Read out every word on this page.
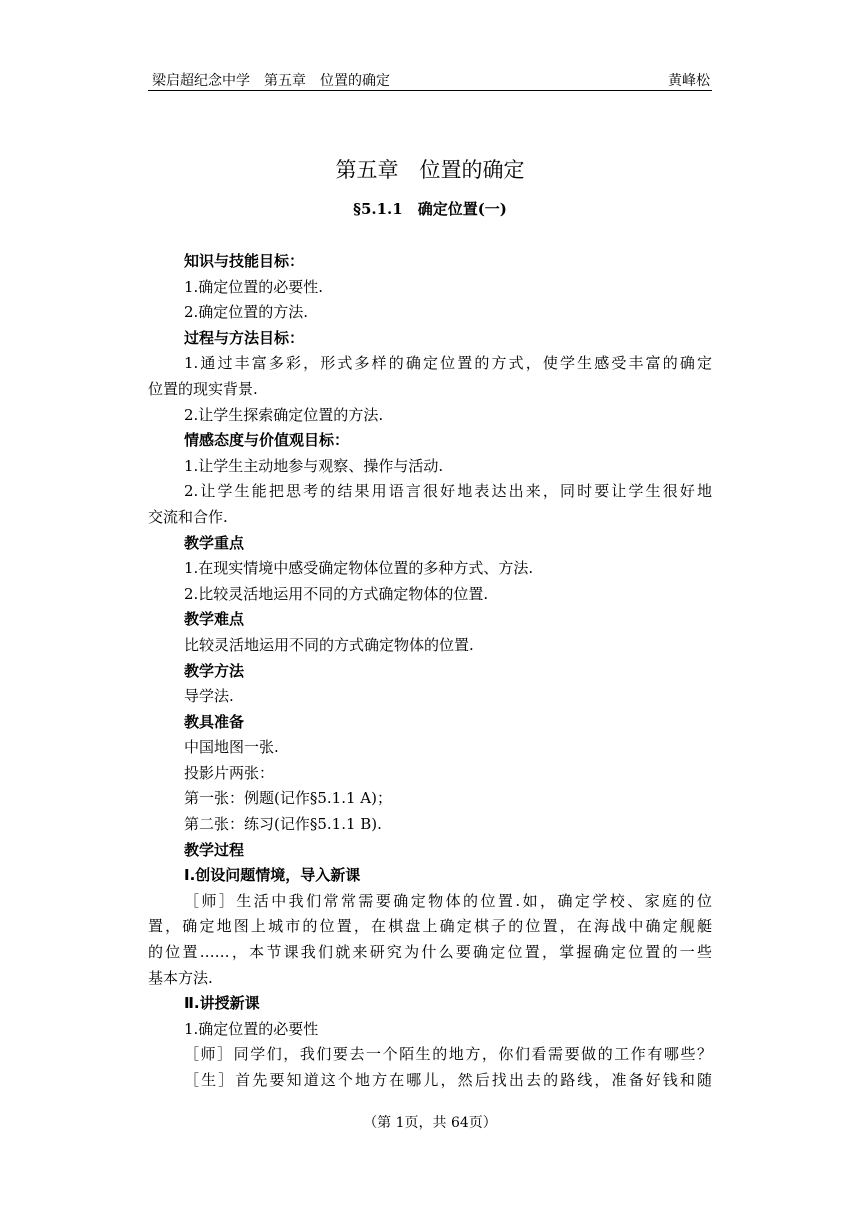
梁启超纪念中学　第五章　位置的确定	黄峰松
第五章　位置的确定
§5.1.1　确定位置(一)
知识与技能目标：
1.确定位置的必要性.
2.确定位置的方法.
过程与方法目标：
1.通过丰富多彩，形式多样的确定位置的方式，使学生感受丰富的确定
位置的现实背景.
2.让学生探索确定位置的方法.
情感态度与价值观目标：
1.让学生主动地参与观察、操作与活动.
2.让学生能把思考的结果用语言很好地表达出来，同时要让学生很好地
交流和合作.
教学重点
1.在现实情境中感受确定物体位置的多种方式、方法.
2.比较灵活地运用不同的方式确定物体的位置.
教学难点
比较灵活地运用不同的方式确定物体的位置.
教学方法
导学法.
教具准备
中国地图一张.
投影片两张：
第一张：例题(记作§5.1.1 A)；
第二张：练习(记作§5.1.1 B).
教学过程
Ⅰ.创设问题情境，导入新课
［师］生活中我们常常需要确定物体的位置.如，确定学校、家庭的位
置，确定地图上城市的位置，在棋盘上确定棋子的位置，在海战中确定舰艇
的位置……，本节课我们就来研究为什么要确定位置，掌握确定位置的一些
基本方法.
Ⅱ.讲授新课
1.确定位置的必要性
［师］同学们，我们要去一个陌生的地方，你们看需要做的工作有哪些？
［生］首先要知道这个地方在哪儿，然后找出去的路线，准备好钱和随
（第 1页，共 64页）
